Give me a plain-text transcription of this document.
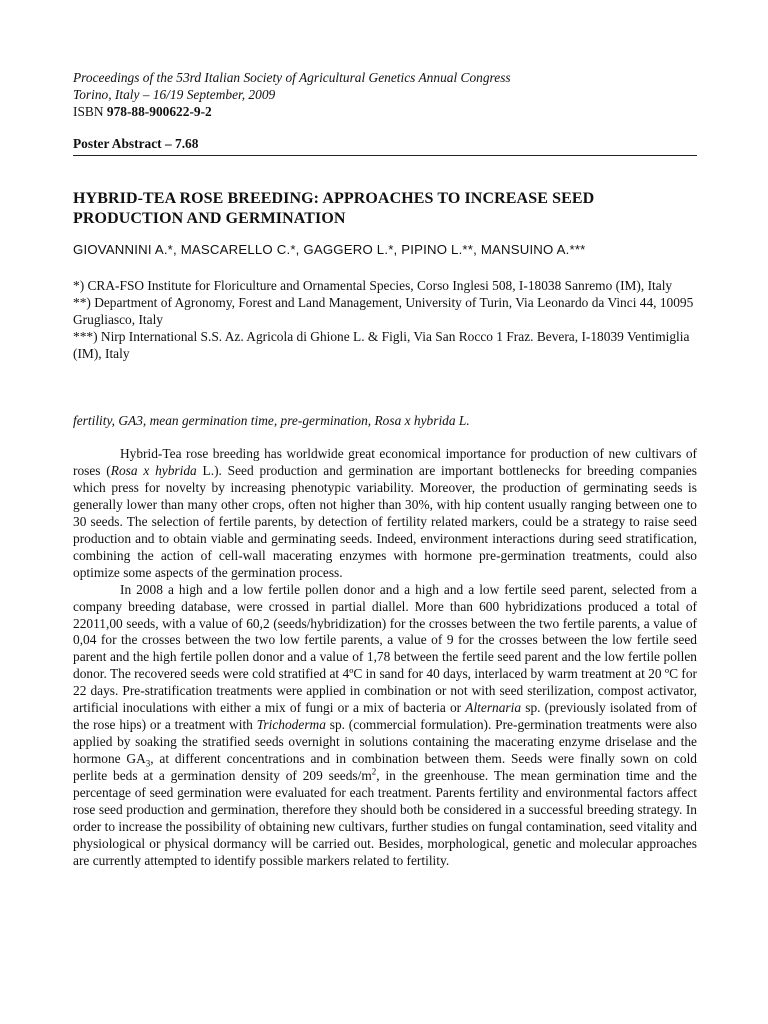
Proceedings of the 53rd Italian Society of Agricultural Genetics Annual Congress
Torino, Italy – 16/19 September, 2009
ISBN 978-88-900622-9-2
Poster Abstract – 7.68
HYBRID-TEA ROSE BREEDING: APPROACHES TO INCREASE SEED
PRODUCTION AND GERMINATION
GIOVANNINI A.*, MASCARELLO C.*, GAGGERO L.*, PIPINO L.**, MANSUINO A.***
*) CRA-FSO Institute for Floriculture and Ornamental Species, Corso Inglesi 508, I-18038 Sanremo (IM), Italy
**) Department of Agronomy, Forest and Land Management, University of Turin, Via Leonardo da Vinci 44, 10095 Grugliasco, Italy
***) Nirp International S.S. Az. Agricola di Ghione L. & Figli, Via San Rocco 1 Fraz. Bevera, I-18039 Ventimiglia (IM), Italy
fertility, GA3, mean germination time, pre-germination, Rosa x hybrida L.

Hybrid-Tea rose breeding has worldwide great economical importance for production of new cultivars of roses (Rosa x hybrida L.). Seed production and germination are important bottlenecks for breeding companies which press for novelty by increasing phenotypic variability. Moreover, the production of germinating seeds is generally lower than many other crops, often not higher than 30%, with hip content usually ranging between one to 30 seeds. The selection of fertile parents, by detection of fertility related markers, could be a strategy to raise seed production and to obtain viable and germinating seeds. Indeed, environment interactions during seed stratification, combining the action of cell-wall macerating enzymes with hormone pre-germination treatments, could also optimize some aspects of the germination process.

In 2008 a high and a low fertile pollen donor and a high and a low fertile seed parent, selected from a company breeding database, were crossed in partial diallel. More than 600 hybridizations produced a total of 22011,00 seeds, with a value of 60,2 (seeds/hybridization) for the crosses between the two fertile parents, a value of 0,04 for the crosses between the two low fertile parents, a value of 9 for the crosses between the low fertile seed parent and the high fertile pollen donor and a value of 1,78 between the fertile seed parent and the low fertile pollen donor. The recovered seeds were cold stratified at 4ºC in sand for 40 days, interlaced by warm treatment at 20 ºC for 22 days. Pre-stratification treatments were applied in combination or not with seed sterilization, compost activator, artificial inoculations with either a mix of fungi or a mix of bacteria or Alternaria sp. (previously isolated from of the rose hips) or a treatment with Trichoderma sp. (commercial formulation). Pre-germination treatments were also applied by soaking the stratified seeds overnight in solutions containing the macerating enzyme driselase and the hormone $GA_3$, at different concentrations and in combination between them. Seeds were finally sown on cold perlite beds at a germination density of 209 seeds/$m^2$, in the greenhouse. The mean germination time and the percentage of seed germination were evaluated for each treatment. Parents fertility and environmental factors affect rose seed production and germination, therefore they should both be considered in a successful breeding strategy. In order to increase the possibility of obtaining new cultivars, further studies on fungal contamination, seed vitality and physiological or physical dormancy will be carried out. Besides, morphological, genetic and molecular approaches are currently attempted to identify possible markers related to fertility.
